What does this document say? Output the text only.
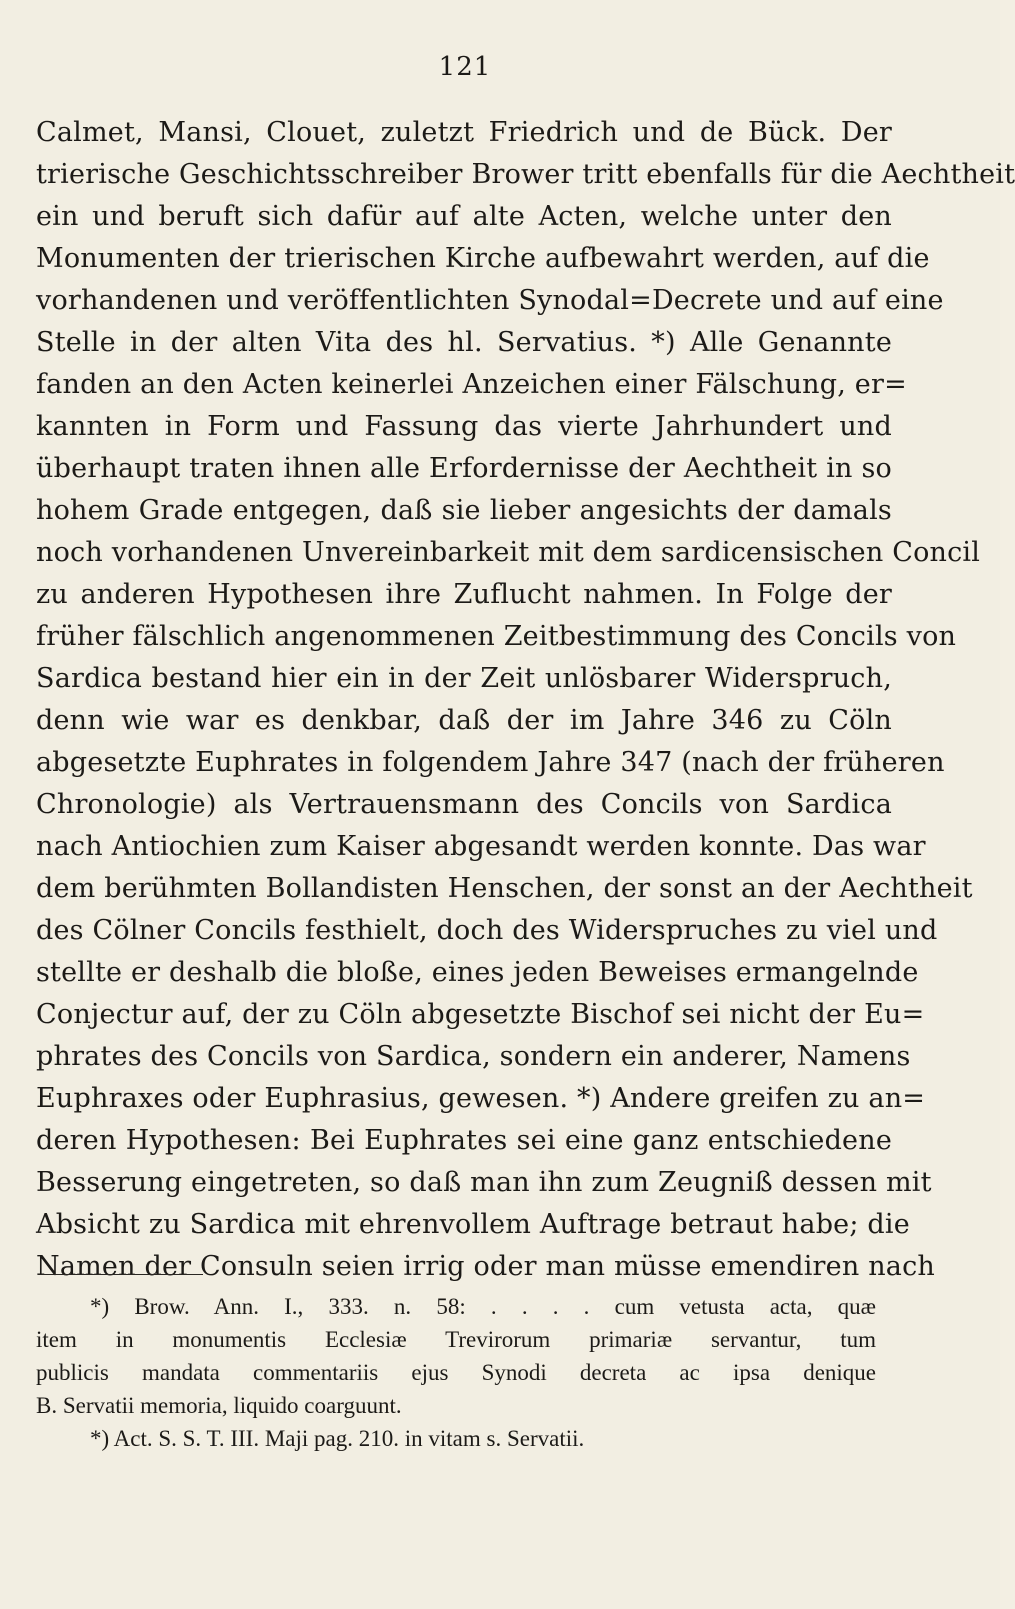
121
Calmet, Mansi, Clouet, zuletzt Friedrich und de Bück. Der
trierische Geschichtsschreiber Brower tritt ebenfalls für die Aechtheit
ein und beruft sich dafür auf alte Acten, welche unter den
Monumenten der trierischen Kirche aufbewahrt werden, auf die
vorhandenen und veröffentlichten Synodal=Decrete und auf eine
Stelle in der alten Vita des hl. Servatius. *) Alle Genannte
fanden an den Acten keinerlei Anzeichen einer Fälschung, er=
kannten in Form und Fassung das vierte Jahrhundert und
überhaupt traten ihnen alle Erfordernisse der Aechtheit in so
hohem Grade entgegen, daß sie lieber angesichts der damals
noch vorhandenen Unvereinbarkeit mit dem sardicensischen Concil
zu anderen Hypothesen ihre Zuflucht nahmen. In Folge der
früher fälschlich angenommenen Zeitbestimmung des Concils von
Sardica bestand hier ein in der Zeit unlösbarer Widerspruch,
denn wie war es denkbar, daß der im Jahre 346 zu Cöln
abgesetzte Euphrates in folgendem Jahre 347 (nach der früheren
Chronologie) als Vertrauensmann des Concils von Sardica
nach Antiochien zum Kaiser abgesandt werden konnte. Das war
dem berühmten Bollandisten Henschen, der sonst an der Aechtheit
des Cölner Concils festhielt, doch des Widerspruches zu viel und
stellte er deshalb die bloße, eines jeden Beweises ermangelnde
Conjectur auf, der zu Cöln abgesetzte Bischof sei nicht der Eu=
phrates des Concils von Sardica, sondern ein anderer, Namens
Euphraxes oder Euphrasius, gewesen. *) Andere greifen zu an=
deren Hypothesen: Bei Euphrates sei eine ganz entschiedene
Besserung eingetreten, so daß man ihn zum Zeugniß dessen mit
Absicht zu Sardica mit ehrenvollem Auftrage betraut habe; die
Namen der Consuln seien irrig oder man müsse emendiren nach
*) Brow. Ann. I., 333. n. 58: . . . . cum vetusta acta, quæ
item in monumentis Ecclesiæ Trevirorum primariæ servantur, tum
publicis mandata commentariis ejus Synodi decreta ac ipsa denique
B. Servatii memoria, liquido coarguunt.
*) Act. S. S. T. III. Maji pag. 210. in vitam s. Servatii.
